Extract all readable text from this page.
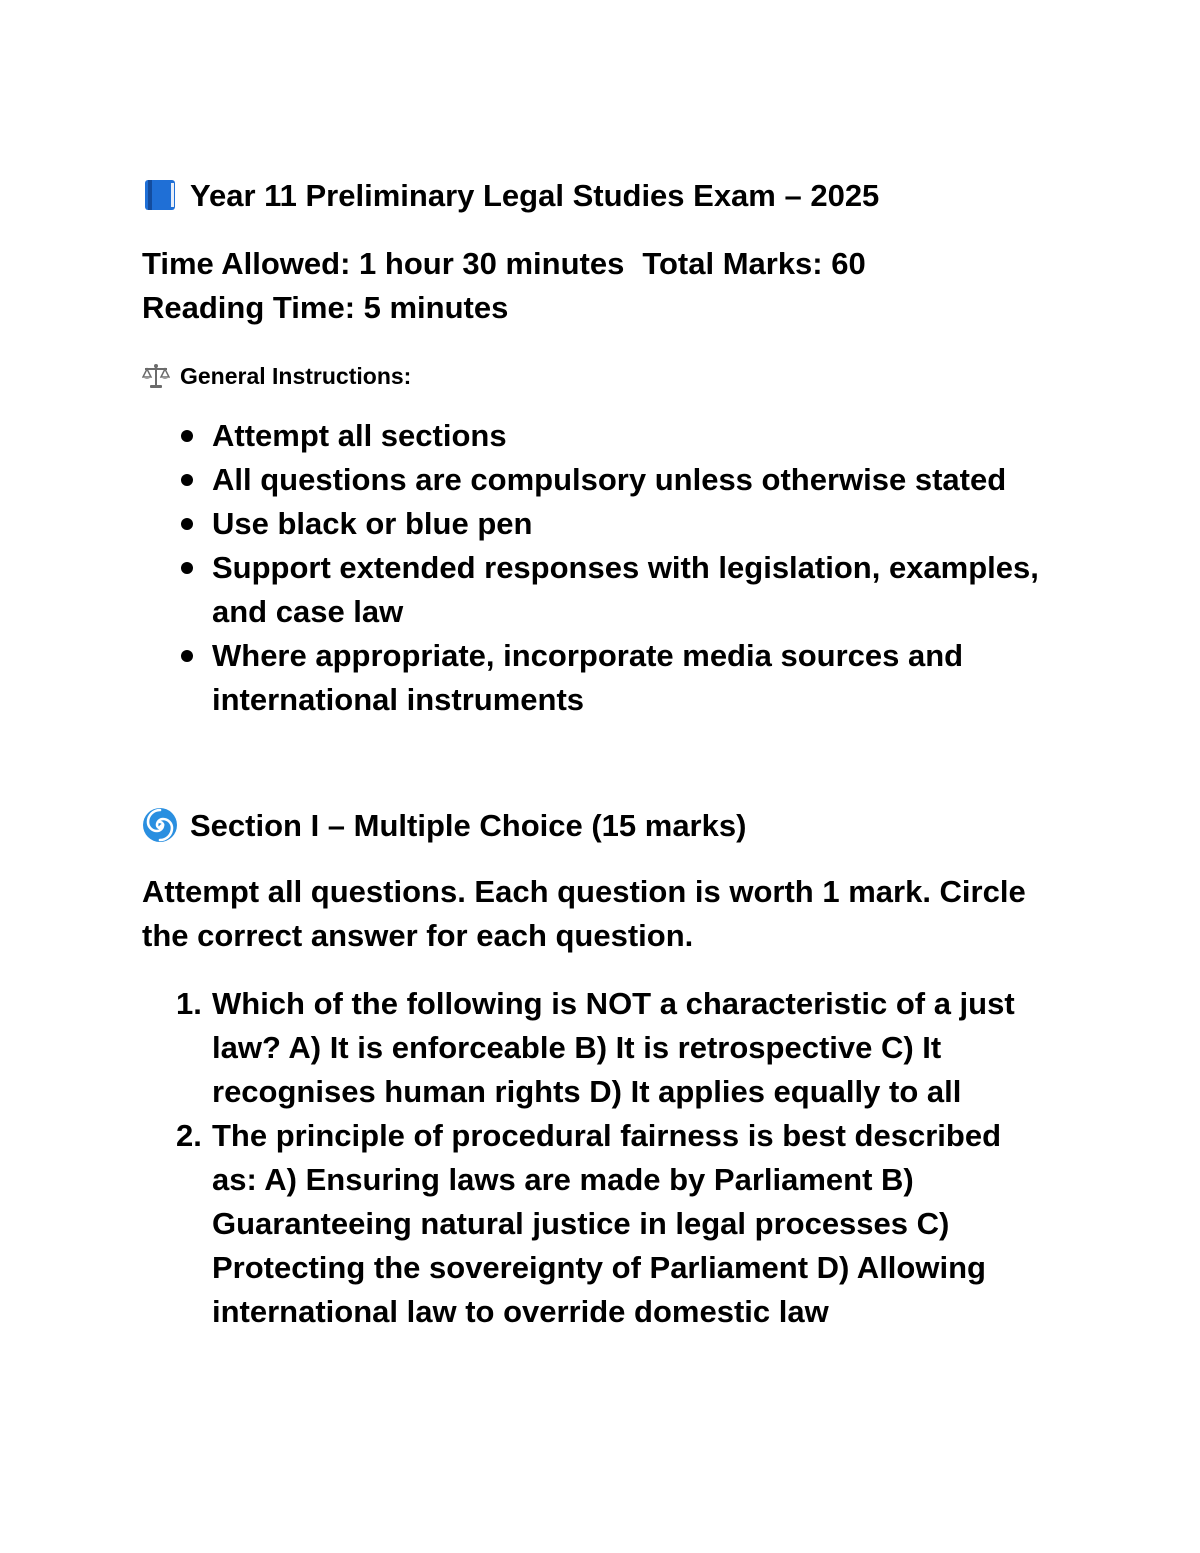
Year 11 Preliminary Legal Studies Exam – 2025
Time Allowed: 1 hour 30 minutes Total Marks: 60
Reading Time: 5 minutes
General Instructions:
Attempt all sections
All questions are compulsory unless otherwise stated
Use black or blue pen
Support extended responses with legislation, examples, and case law
Where appropriate, incorporate media sources and international instruments
Section I – Multiple Choice (15 marks)
Attempt all questions. Each question is worth 1 mark. Circle the correct answer for each question.
1. Which of the following is NOT a characteristic of a just law? A) It is enforceable B) It is retrospective C) It recognises human rights D) It applies equally to all
2. The principle of procedural fairness is best described as: A) Ensuring laws are made by Parliament B) Guaranteeing natural justice in legal processes C) Protecting the sovereignty of Parliament D) Allowing international law to override domestic law
